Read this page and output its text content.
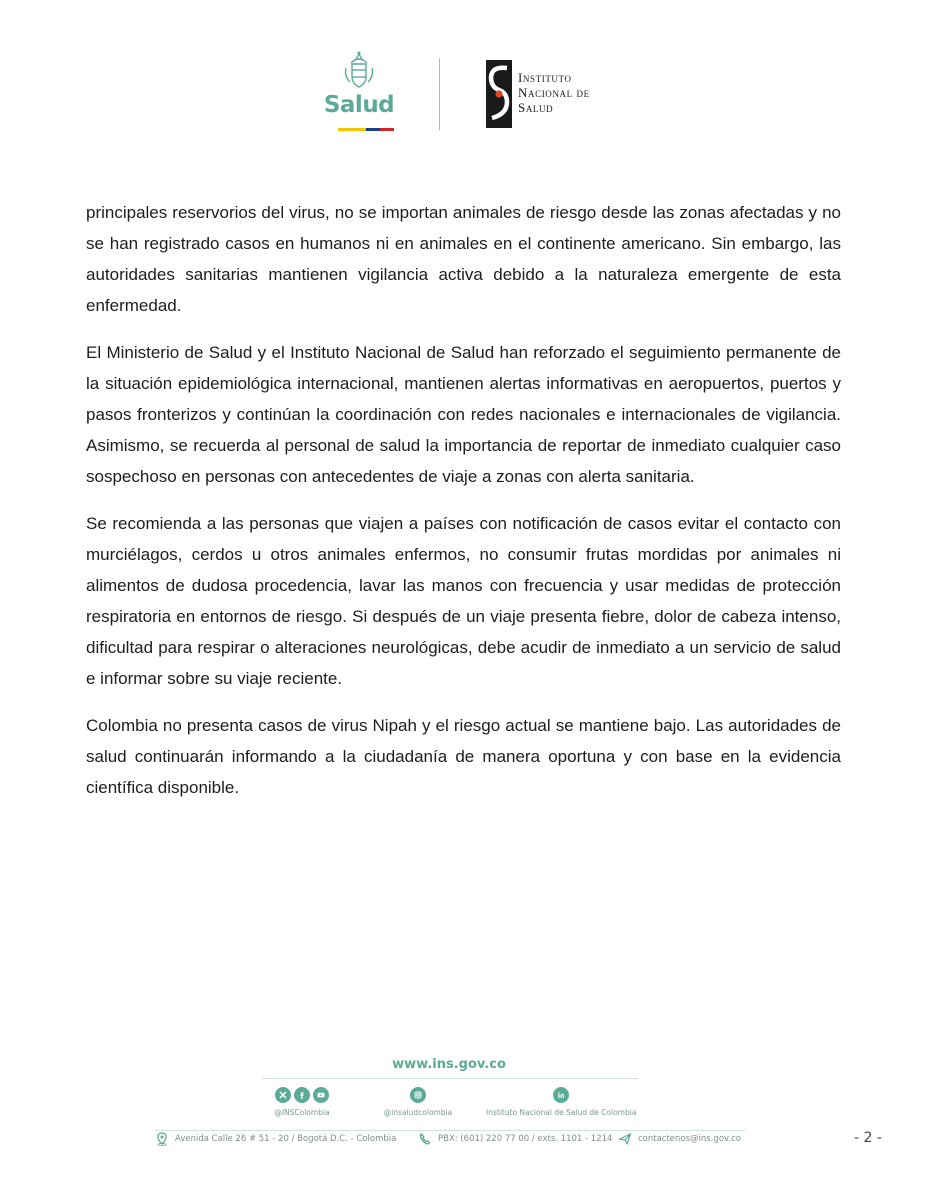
Salud
Instituto
Nacional de
Salud

principales reservorios del virus, no se importan animales de riesgo desde las zonas afectadas y no se han registrado casos en humanos ni en animales en el continente americano. Sin embargo, las autoridades sanitarias mantienen vigilancia activa debido a la naturaleza emergente de esta enfermedad.

El Ministerio de Salud y el Instituto Nacional de Salud han reforzado el seguimiento permanente de la situación epidemiológica internacional, mantienen alertas informativas en aeropuertos, puertos y pasos fronterizos y continúan la coordinación con redes nacionales e internacionales de vigilancia. Asimismo, se recuerda al personal de salud la importancia de reportar de inmediato cualquier caso sospechoso en personas con antecedentes de viaje a zonas con alerta sanitaria.

Se recomienda a las personas que viajen a países con notificación de casos evitar el contacto con murciélagos, cerdos u otros animales enfermos, no consumir frutas mordidas por animales ni alimentos de dudosa procedencia, lavar las manos con frecuencia y usar medidas de protección respiratoria en entornos de riesgo. Si después de un viaje presenta fiebre, dolor de cabeza intenso, dificultad para respirar o alteraciones neurológicas, debe acudir de inmediato a un servicio de salud e informar sobre su viaje reciente.

Colombia no presenta casos de virus Nipah y el riesgo actual se mantiene bajo. Las autoridades de salud continuarán informando a la ciudadanía de manera oportuna y con base en la evidencia científica disponible.

www.ins.gov.co
@INSColombia	@insaludcolombia	Instituto Nacional de Salud de Colombia
Avenida Calle 26 # 51 - 20 / Bogotá D.C. - Colombia	PBX: (601) 220 77 00 / exts. 1101 - 1214	contactenos@ins.gov.co	- 2 -
